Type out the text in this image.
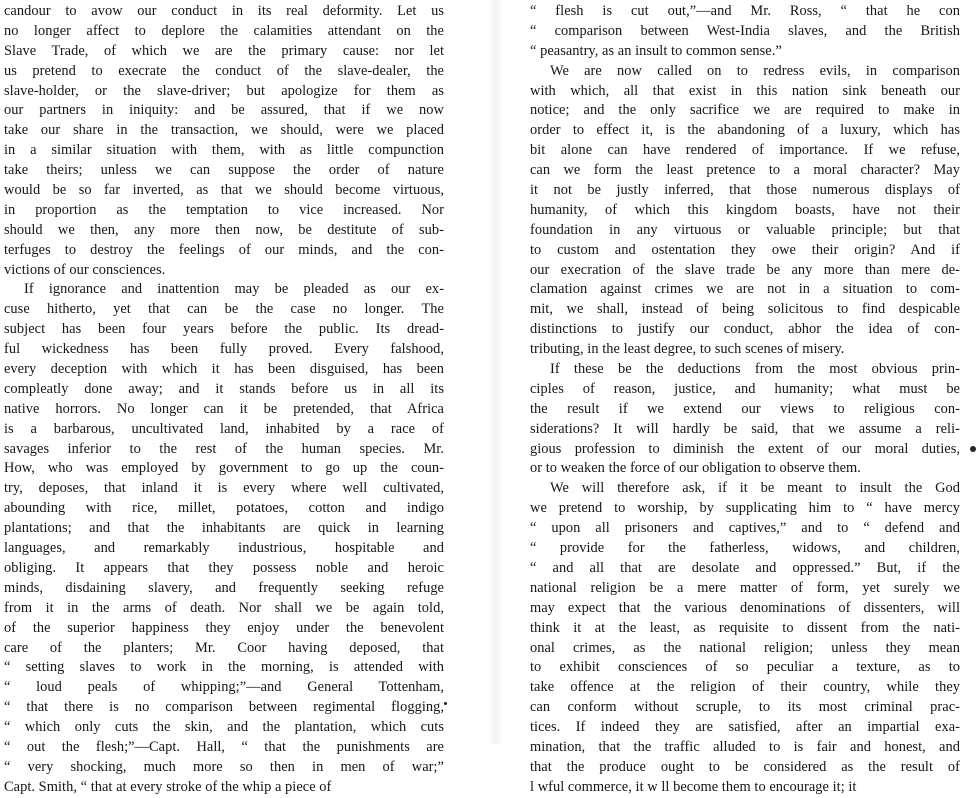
candour to avow our conduct in its real deformity. Let us
no longer affect to deplore the calamities attendant on the
Slave Trade, of which we are the primary cause: nor let
us pretend to execrate the conduct of the slave-dealer, the
slave-holder, or the slave-driver; but apologize for them as
our partners in iniquity: and be assured, that if we now
take our share in the transaction, we should, were we placed
in a similar situation with them, with as little compunction
take theirs; unless we can suppose the order of nature
would be so far inverted, as that we should become virtuous,
in proportion as the temptation to vice increased. Nor
should we then, any more then now, be destitute of sub-
terfuges to destroy the feelings of our minds, and the con-
victions of our consciences.
If ignorance and inattention may be pleaded as our ex-
cuse hitherto, yet that can be the case no longer. The
subject has been four years before the public. Its dread-
ful wickedness has been fully proved. Every falshood,
every deception with which it has been disguised, has been
compleatly done away; and it stands before us in all its
native horrors. No longer can it be pretended, that Africa
is a barbarous, uncultivated land, inhabited by a race of
savages inferior to the rest of the human species. Mr.
How, who was employed by government to go up the coun-
try, deposes, that inland it is every where well cultivated,
abounding with rice, millet, potatoes, cotton and indigo
plantations; and that the inhabitants are quick in learning
languages, and remarkably industrious, hospitable and
obliging. It appears that they possess noble and heroic
minds, disdaining slavery, and frequently seeking refuge
from it in the arms of death. Nor shall we be again told,
of the superior happiness they enjoy under the benevolent
care of the planters; Mr. Coor having deposed, that
“ setting slaves to work in the morning, is attended with
“ loud peals of whipping;”—and General Tottenham,
“ that there is no comparison between regimental flogging,
“ which only cuts the skin, and the plantation, which cuts
“ out the flesh;”—Capt. Hall, “ that the punishments are
“ very shocking, much more so then in men of war;”
Capt. Smith, “ that at every stroke of the whip a piece of
“ flesh is cut out,”—and Mr. Ross, “ that he con
“ comparison between West-India slaves, and the British
“ peasantry, as an insult to common sense.”
We are now called on to redress evils, in comparison
with which, all that exist in this nation sink beneath our
notice; and the only sacrifice we are required to make in
order to effect it, is the abandoning of a luxury, which has
bit alone can have rendered of importance. If we refuse,
can we form the least pretence to a moral character? May
it not be justly inferred, that those numerous displays of
humanity, of which this kingdom boasts, have not their
foundation in any virtuous or valuable principle; but that
to custom and ostentation they owe their origin? And if
our execration of the slave trade be any more than mere de-
clamation against crimes we are not in a situation to com-
mit, we shall, instead of being solicitous to find despicable
distinctions to justify our conduct, abhor the idea of con-
tributing, in the least degree, to such scenes of misery.
If these be the deductions from the most obvious prin-
ciples of reason, justice, and humanity; what must be
the result if we extend our views to religious con-
siderations? It will hardly be said, that we assume a reli-
gious profession to diminish the extent of our moral duties,
or to weaken the force of our obligation to observe them.
We will therefore ask, if it be meant to insult the God
we pretend to worship, by supplicating him to “ have mercy
“ upon all prisoners and captives,” and to “ defend and
“ provide for the fatherless, widows, and children,
“ and all that are desolate and oppressed.” But, if the
national religion be a mere matter of form, yet surely we
may expect that the various denominations of dissenters, will
think it at the least, as requisite to dissent from the nati-
onal crimes, as the national religion; unless they mean
to exhibit consciences of so peculiar a texture, as to
take offence at the religion of their country, while they
can conform without scruple, to its most criminal prac-
tices. If indeed they are satisfied, after an impartial exa-
mination, that the traffic alluded to is fair and honest, and
that the produce ought to be considered as the result of
l wful commerce, it w ll become them to encourage it; it
